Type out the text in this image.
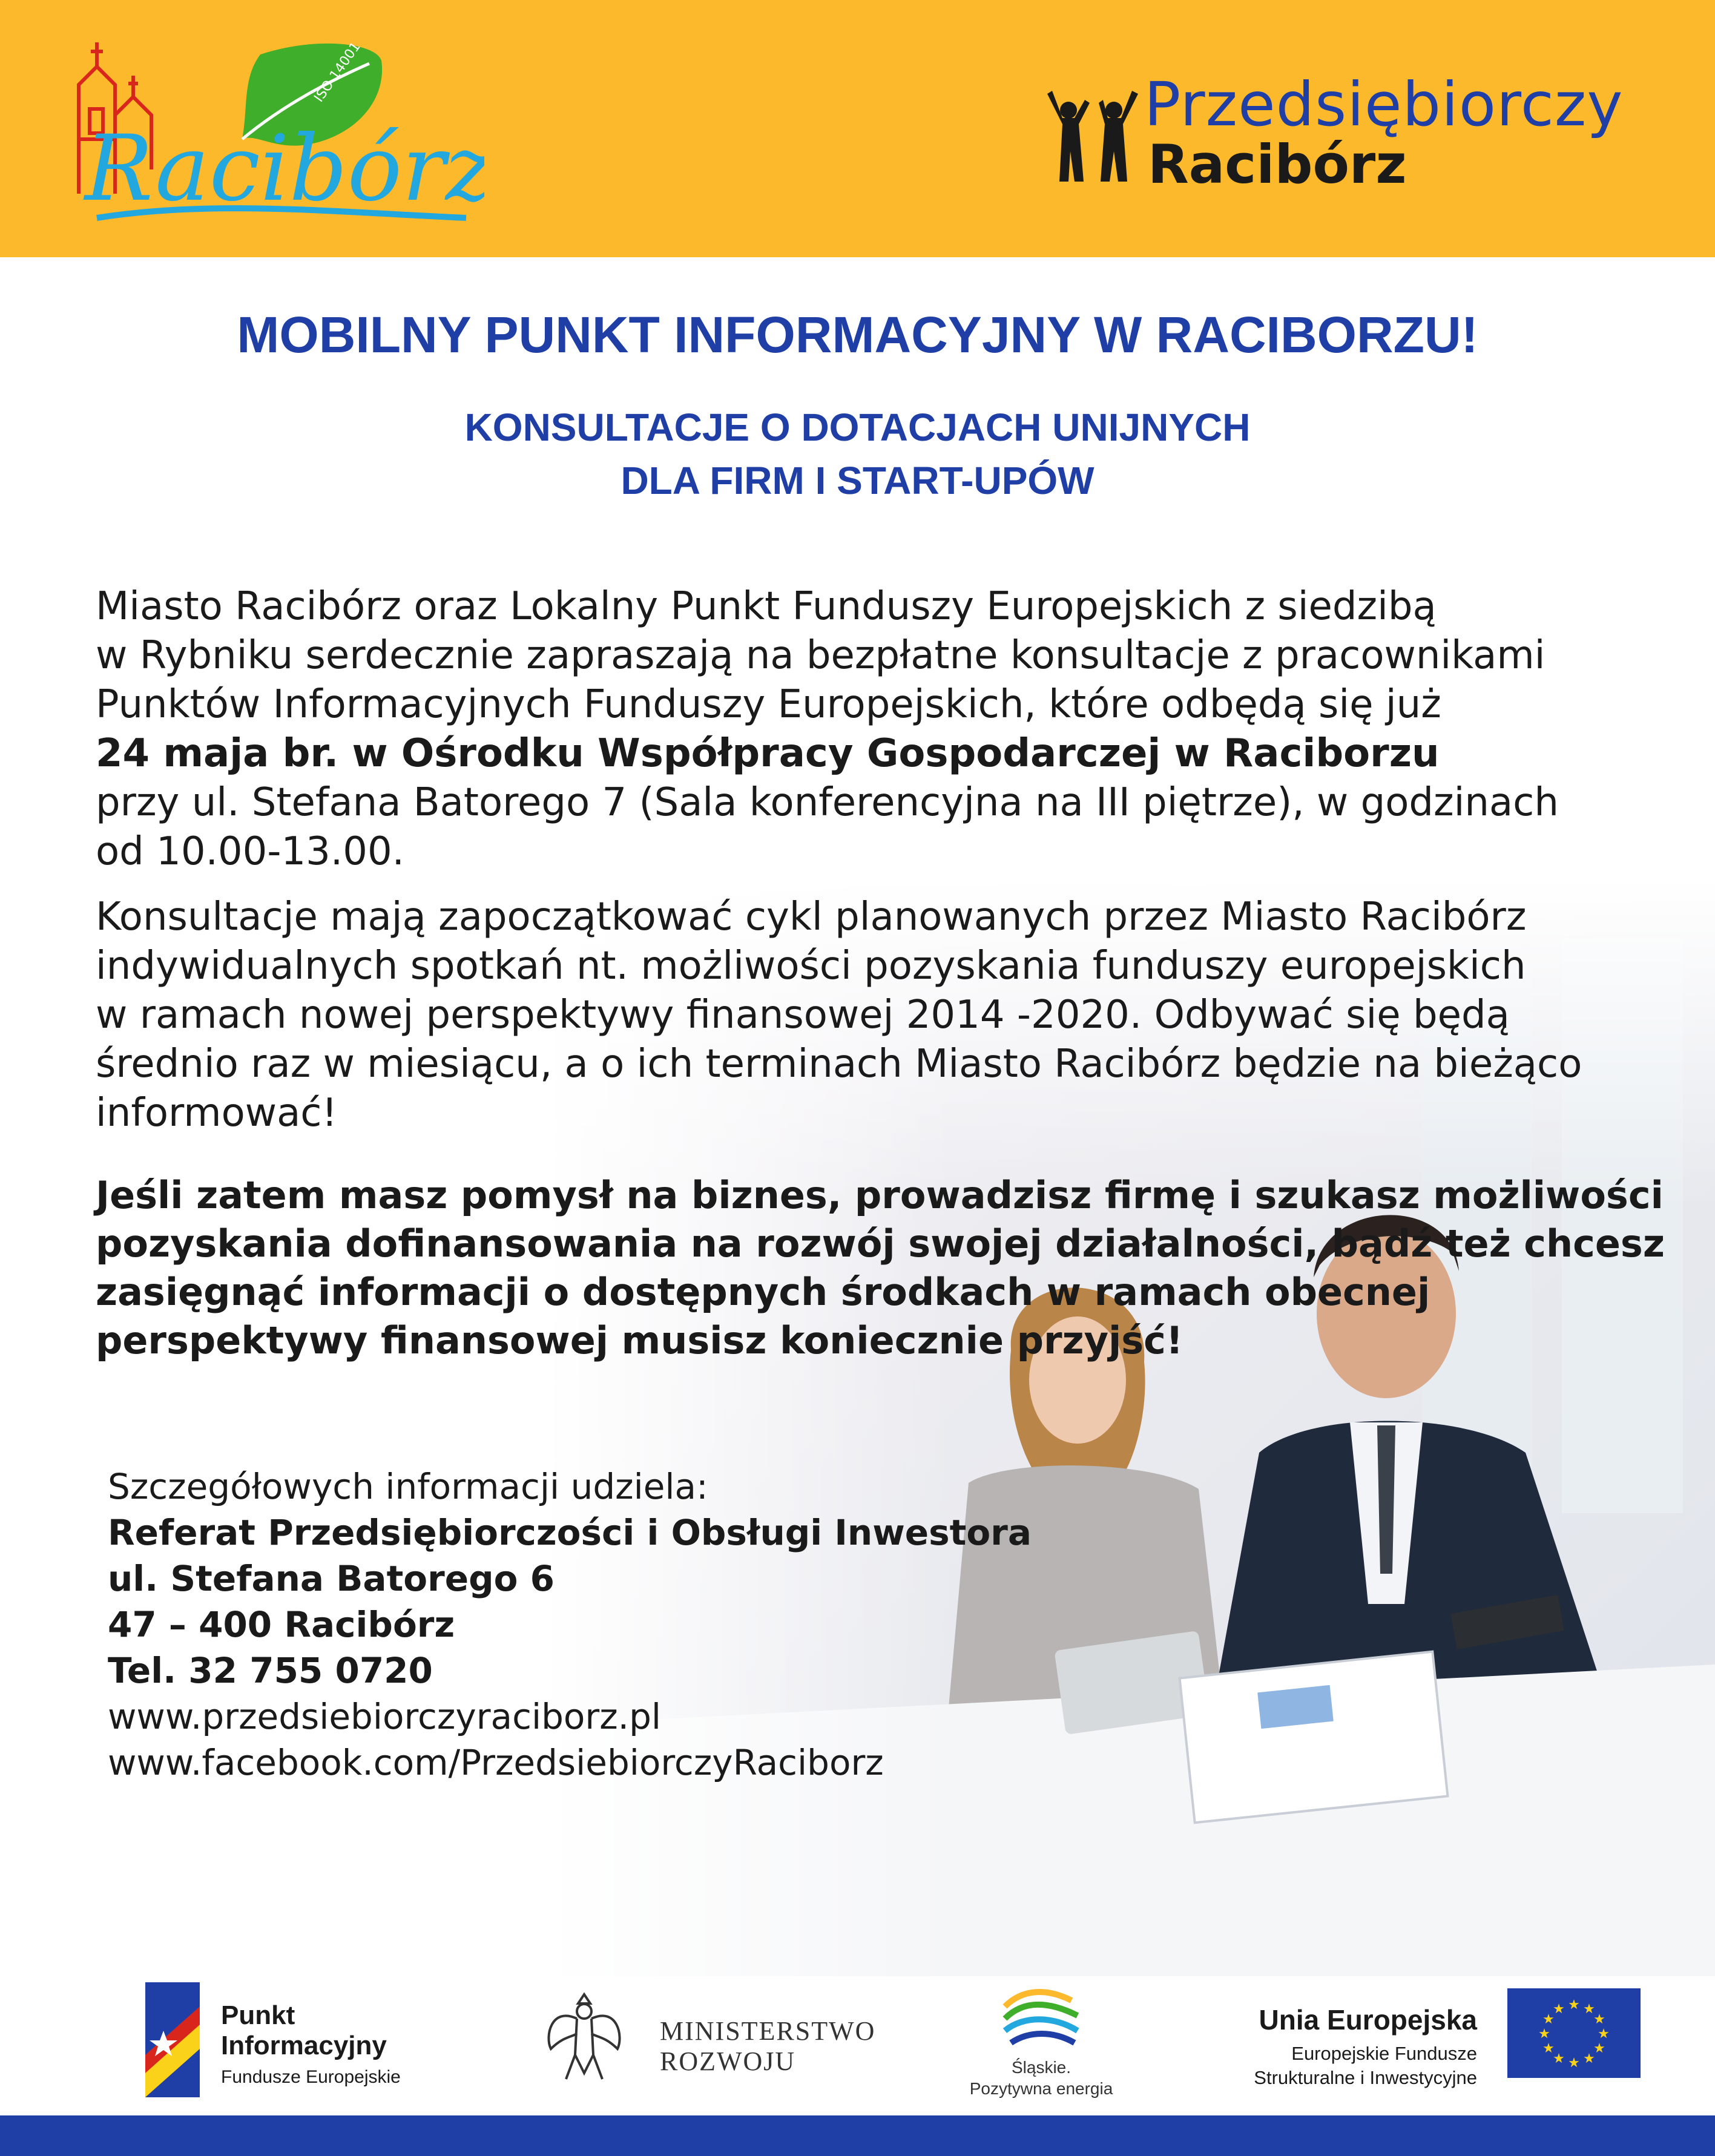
ISO 14001
Racibórz
Przedsiębiorczy
Racibórz
MOBILNY PUNKT INFORMACYJNY W RACIBORZU!
KONSULTACJE O DOTACJACH UNIJNYCH
DLA FIRM I START-UPÓW
Miasto Racibórz oraz Lokalny Punkt Funduszy Europejskich z siedzibą
w Rybniku serdecznie zapraszają na bezpłatne konsultacje z pracownikami
Punktów Informacyjnych Funduszy Europejskich, które odbędą się już
24 maja br. w Ośrodku Współpracy Gospodarczej w Raciborzu
przy ul. Stefana Batorego 7 (Sala konferencyjna na III piętrze), w godzinach
od 10.00-13.00.
Konsultacje mają zapoczątkować cykl planowanych przez Miasto Racibórz
indywidualnych spotkań nt. możliwości pozyskania funduszy europejskich
w ramach nowej perspektywy finansowej 2014 -2020. Odbywać się będą
średnio raz w miesiącu, a o ich terminach Miasto Racibórz będzie na bieżąco
informować!
Jeśli zatem masz pomysł na biznes, prowadzisz firmę i szukasz możliwości
pozyskania dofinansowania na rozwój swojej działalności, bądź też chcesz
zasięgnąć informacji o dostępnych środkach w ramach obecnej
perspektywy finansowej musisz koniecznie przyjść!
Szczegółowych informacji udziela:
Referat Przedsiębiorczości i Obsługi Inwestora
ul. Stefana Batorego 6
47 – 400 Racibórz
Tel. 32 755 0720
www.przedsiebiorczyraciborz.pl
www.facebook.com/PrzedsiebiorczyRaciborz
Punkt
Informacyjny
Fundusze Europejskie
MINISTERSTWO
ROZWOJU	Śląskie.
Pozytywna energia
Unia Europejska
Europejskie Fundusze
Strukturalne i Inwestycyjne
★ ★
★
★
★
★
★
★
★
★
★
★
